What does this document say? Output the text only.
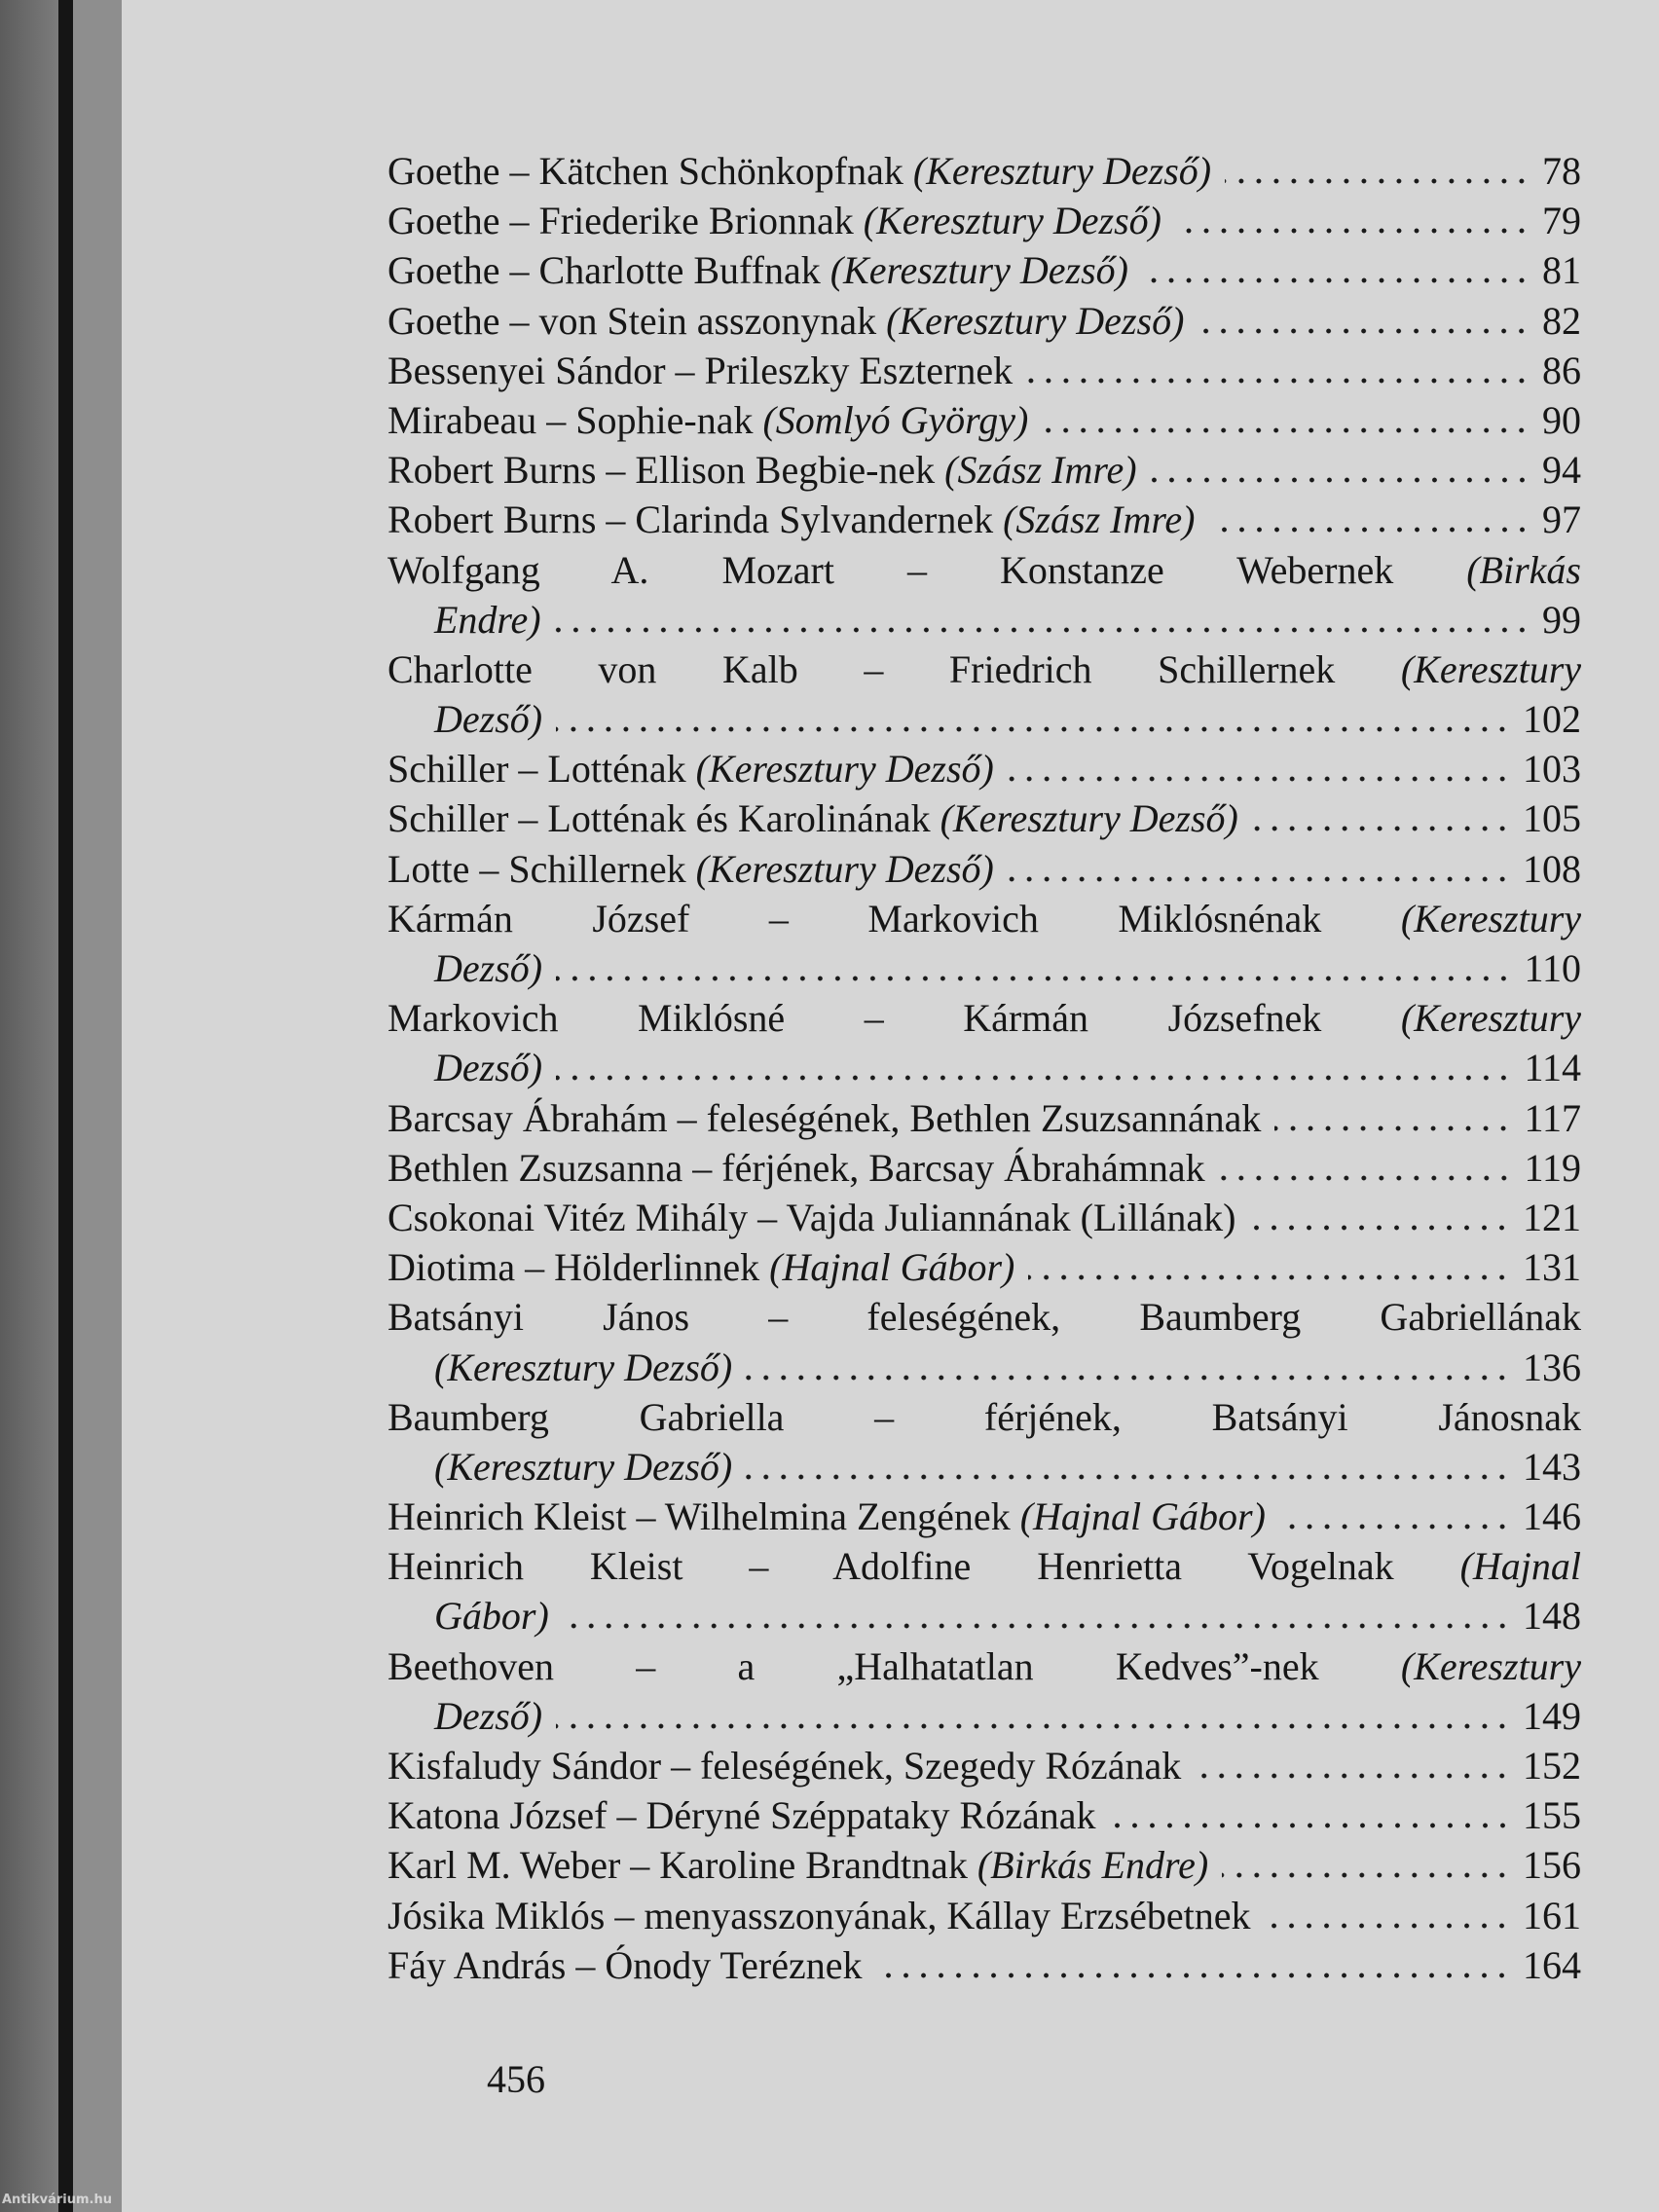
Goethe – Kätchen Schönkopfnak (Keresztury Dezső)	78
Goethe – Friederike Brionnak (Keresztury Dezső)	79
Goethe – Charlotte Buffnak (Keresztury Dezső)	81
Goethe – von Stein asszonynak (Keresztury Dezső)	82
Bessenyei Sándor – Prileszky Eszternek	86
Mirabeau – Sophie-nak (Somlyó György)	90
Robert Burns – Ellison Begbie-nek (Szász Imre)	94
Robert Burns – Clarinda Sylvandernek (Szász Imre)	97
Wolfgang A. Mozart – Konstanze Webernek (Birkás
Endre)	99
Charlotte von Kalb – Friedrich Schillernek (Keresztury
Dezső)	102
Schiller – Lotténak (Keresztury Dezső)	103
Schiller – Lotténak és Karolinának (Keresztury Dezső)	105
Lotte – Schillernek (Keresztury Dezső)	108
Kármán József – Markovich Miklósnénak (Keresztury
Dezső)	110
Markovich Miklósné – Kármán Józsefnek (Keresztury
Dezső)	114
Barcsay Ábrahám – feleségének, Bethlen Zsuzsannának	117
Bethlen Zsuzsanna – férjének, Barcsay Ábrahámnak	119
Csokonai Vitéz Mihály – Vajda Juliannának (Lillának)	121
Diotima – Hölderlinnek (Hajnal Gábor)	131
Batsányi János – feleségének, Baumberg Gabriellának
(Keresztury Dezső)	136
Baumberg Gabriella – férjének, Batsányi Jánosnak
(Keresztury Dezső)	143
Heinrich Kleist – Wilhelmina Zengének (Hajnal Gábor)	146
Heinrich Kleist – Adolfine Henrietta Vogelnak (Hajnal
Gábor)	148
Beethoven – a „Halhatatlan Kedves”-nek (Keresztury
Dezső)	149
Kisfaludy Sándor – feleségének, Szegedy Rózának	152
Katona József – Déryné Széppataky Rózának	155
Karl M. Weber – Karoline Brandtnak (Birkás Endre)	156
Jósika Miklós – menyasszonyának, Kállay Erzsébetnek	161
Fáy András – Ónody Teréznek	164
456
Antikvárium.hu
